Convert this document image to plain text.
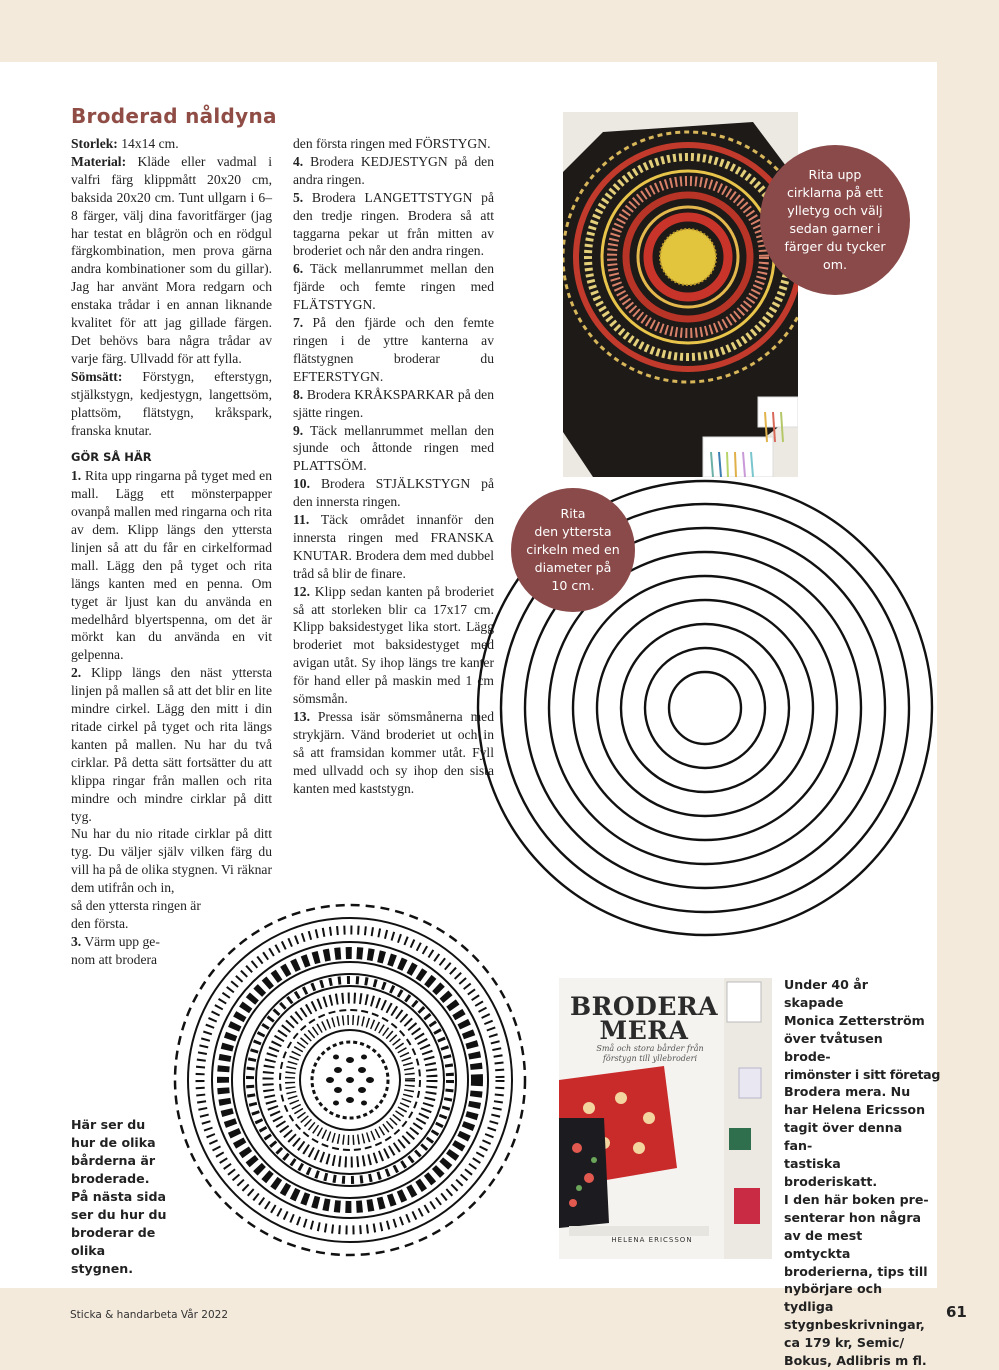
Broderad nåldyna

Storlek: 14x14 cm.

Material: Kläde eller vadmal i valfri färg klippmått 20x20 cm, baksida 20x20 cm. Tunt ullgarn i 6–8 färger, välj dina favoritfärger (jag har testat en blågrön och en rödgul färgkombination, men prova gärna andra kombinationer som du gillar). Jag har använt Mora redgarn och enstaka trådar i en annan liknande kvalitet för att jag gillade färgen. Det behövs bara några trådar av varje färg. Ullvadd för att fylla.

Sömsätt: Förstygn, efterstygn, stjälkstygn, kedjestygn, langettsöm, plattsöm, flätstygn, kråkspark, franska knutar.

GÖR SÅ HÄR

1. Rita upp ringarna på tyget med en mall. Lägg ett mönsterpapper ovanpå mallen med ringarna och rita av dem. Klipp längs den yttersta linjen så att du får en cirkelformad mall. Lägg den på tyget och rita längs kanten med en penna. Om tyget är ljust kan du använda en medelhård blyertspenna, om det är mörkt kan du använda en vit gelpenna.

2. Klipp längs den näst yttersta linjen på mallen så att det blir en lite mindre cirkel. Lägg den mitt i din ritade cirkel på tyget och rita längs kanten på mallen. Nu har du två cirklar. På detta sätt fortsätter du att klippa ringar från mallen och rita mindre och mindre cirklar på ditt tyg.

Nu har du nio ritade cirklar på ditt tyg. Du väljer själv vilken färg du vill ha på de olika stygnen. Vi räknar dem utifrån och in,

så den yttersta ringen är

den första.

3. Värm upp ge-
nom att brodera

den första ringen med FÖRSTYGN.

4. Brodera KEDJESTYGN på den andra ringen.

5. Brodera LANGETTSTYGN på den tredje ringen. Brodera så att taggarna pekar ut från mitten av broderiet och når den andra ringen.

6. Täck mellanrummet mellan den fjärde och femte ringen med FLÄTSTYGN.

7. På den fjärde och den femte ringen i de yttre kanterna av flätstygnen broderar du EFTERSTYGN.

8. Brodera KRÅKSPARKAR på den sjätte ringen.

9. Täck mellanrummet mellan den sjunde och åttonde ringen med PLATTSÖM.

10. Brodera STJÄLKSTYGN på den innersta ringen.

11. Täck området innanför den innersta ringen med FRANSKA KNUTAR. Brodera dem med dubbel tråd så blir de finare.

12. Klipp sedan kanten på broderiet så att storleken blir ca 17x17 cm. Klipp baksidestyget lika stort. Lägg broderiet mot baksidestyget med avigan utåt. Sy ihop längs tre kanter för hand eller på maskin med 1 cm sömsmån.

13. Pressa isär sömsmånerna med strykjärn. Vänd broderiet ut och in så att framsidan kommer utåt. Fyll med ullvadd och sy ihop den sista kanten med kaststygn.

Rita upp
cirklarna på ett
ylletyg och välj
sedan garner i
färger du tycker
om.
Rita
den yttersta
cirkeln med en
diameter på
10 cm.
Här ser du
hur de olika
bårderna är
broderade.
På nästa sida
ser du hur du
broderar de olika
stygnen.
BRODERA
MERA
Små och stora bårder från förstygn till yllebroderi
HELENA ERICSSON
Under 40 år skapade
Monica Zetterström
över tvåtusen brode-
rimönster i sitt företag
Brodera mera. Nu
har Helena Ericsson
tagit över denna fan-
tastiska broderiskatt.
I den här boken pre-
senterar hon några
av de mest omtyckta
broderierna, tips till
nybörjare och tydliga
stygnbeskrivningar,
ca 179 kr, Semic/
Bokus, Adlibris m fl.
Sticka & handarbeta Vår 2022	61
